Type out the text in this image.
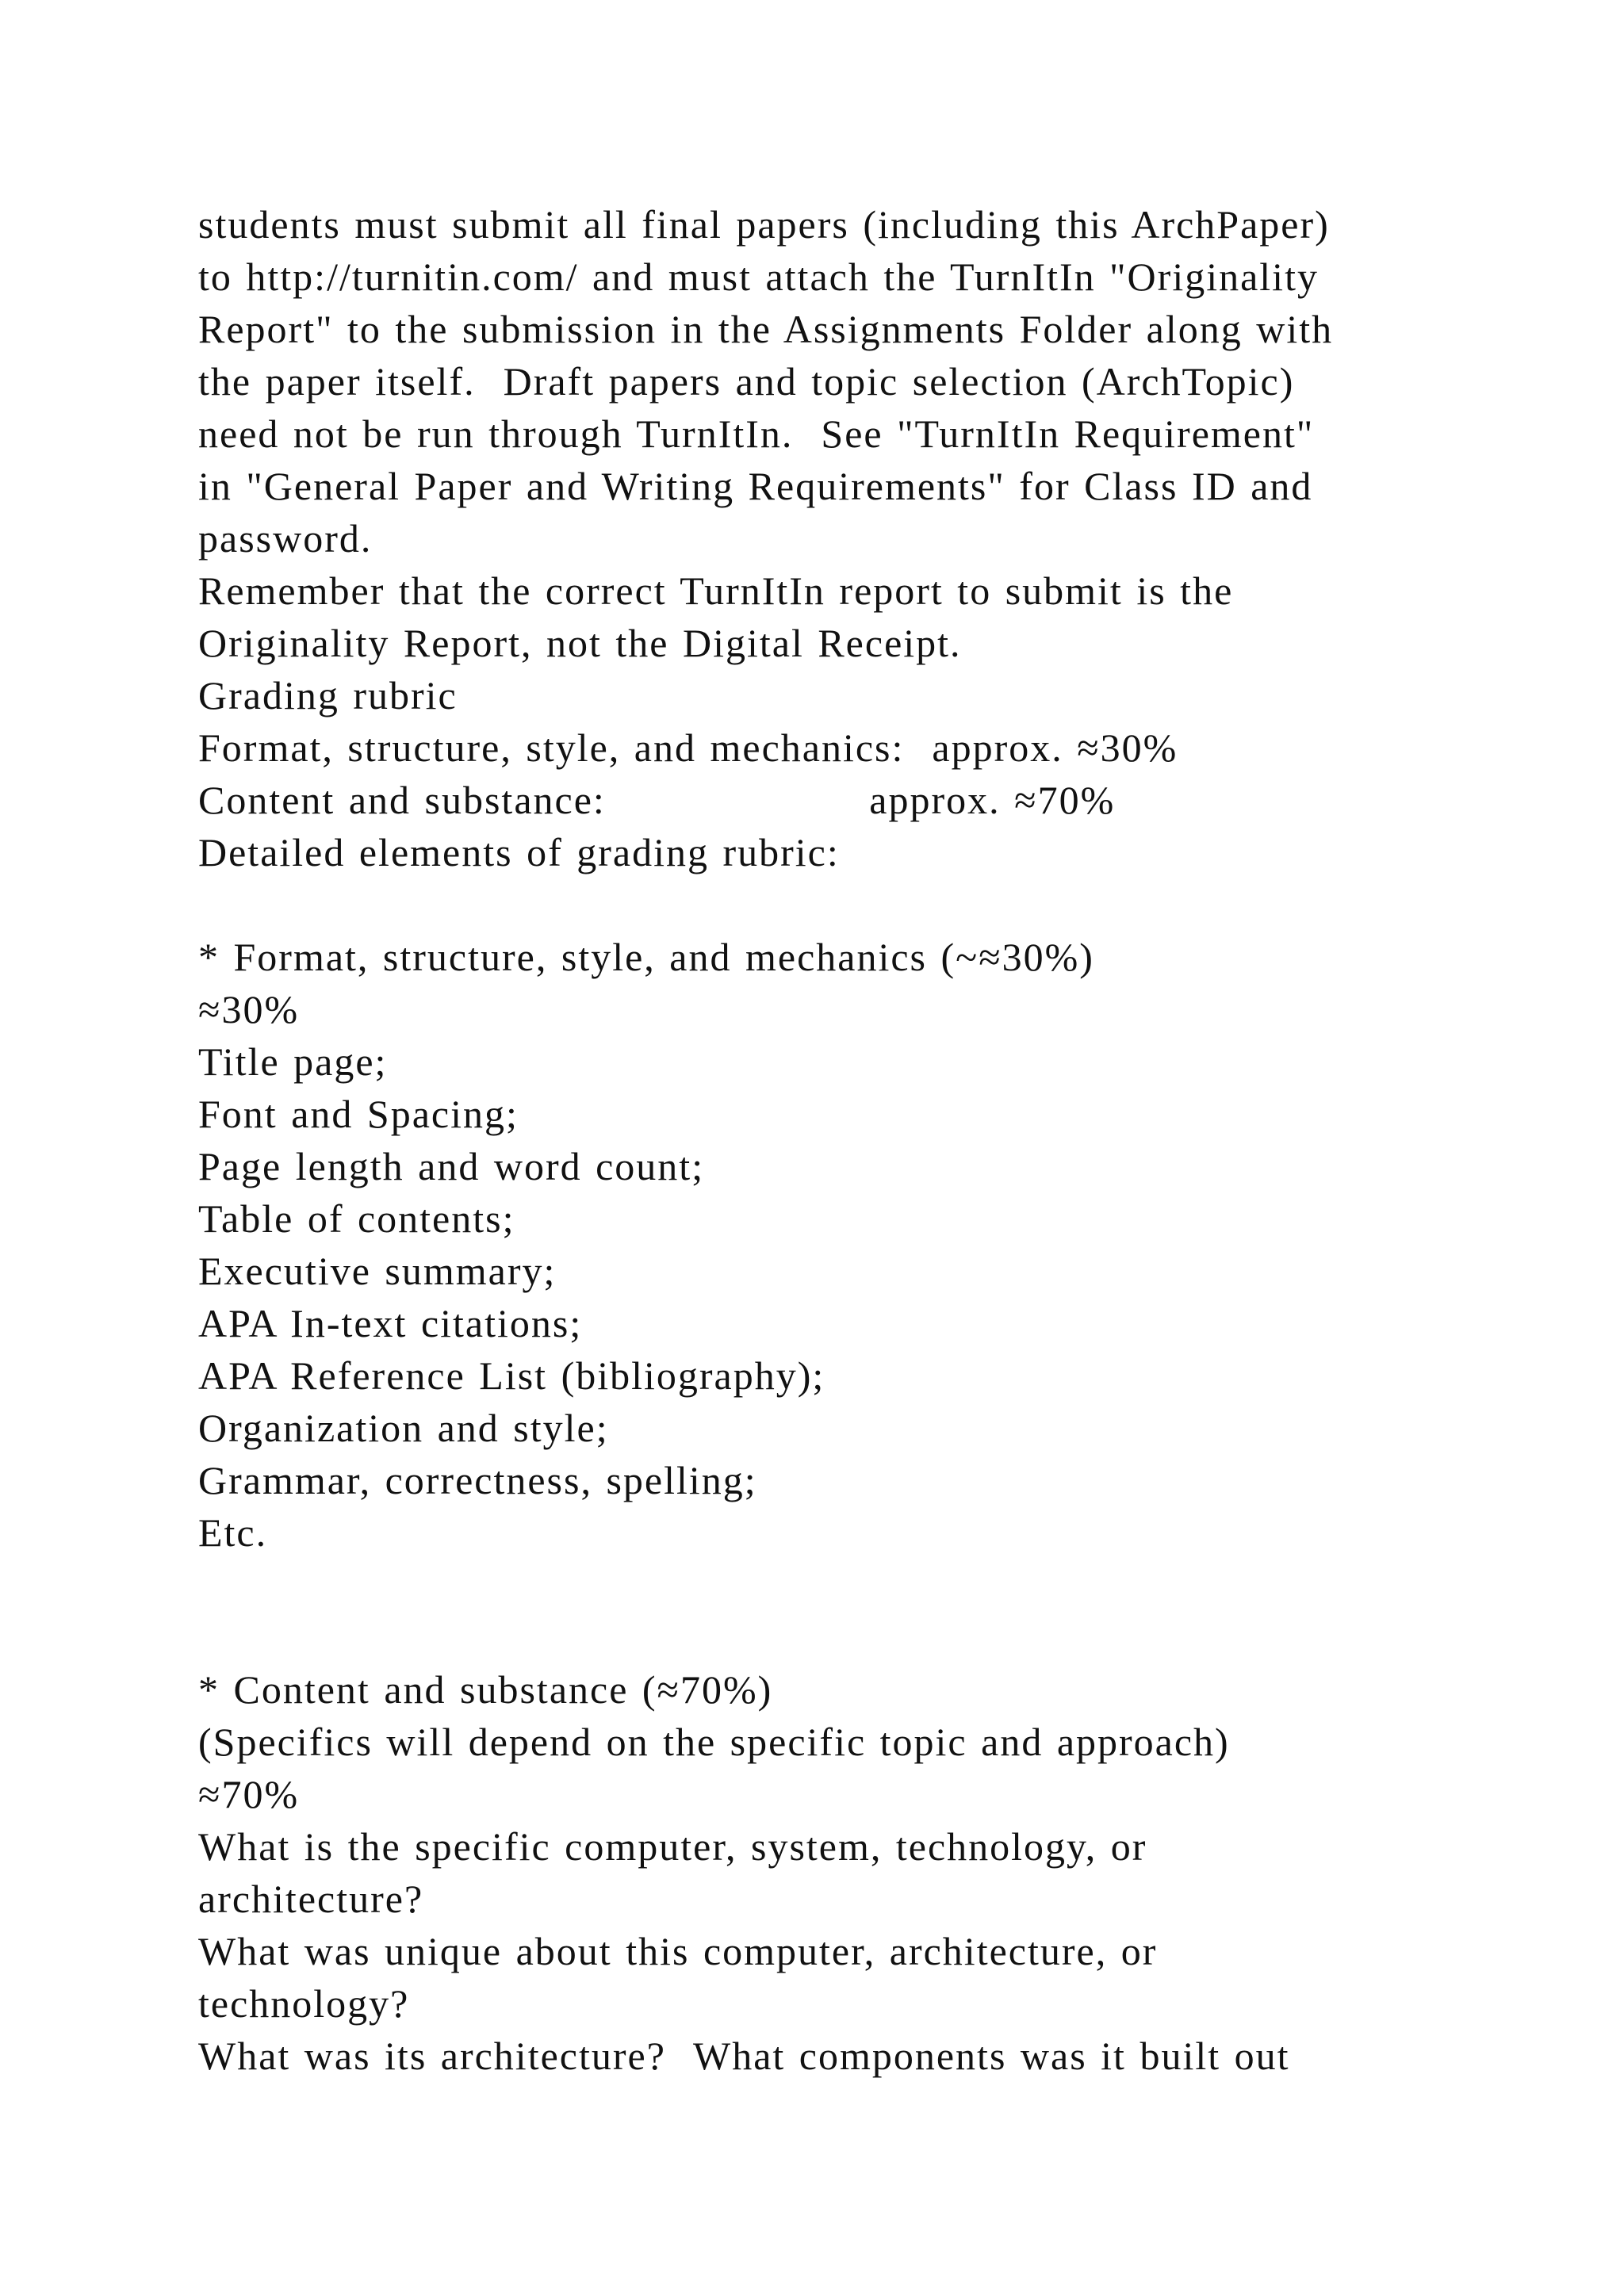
students must submit all final papers (including this ArchPaper)
to http://turnitin.com/ and must attach the TurnItIn "Originality
Report" to the submission in the Assignments Folder along with
the paper itself.  Draft papers and topic selection (ArchTopic)
need not be run through TurnItIn.  See "TurnItIn Requirement"
in "General Paper and Writing Requirements" for Class ID and
password.
Remember that the correct TurnItIn report to submit is the
Originality Report, not the Digital Receipt.
Grading rubric
Format, structure, style, and mechanics:  approx. ≈30%
Content and substance:                   approx. ≈70%
Detailed elements of grading rubric:
* Format, structure, style, and mechanics (~≈30%)
≈30%
Title page;
Font and Spacing;
Page length and word count;
Table of contents;
Executive summary;
APA In-text citations;
APA Reference List (bibliography);
Organization and style;
Grammar, correctness, spelling;
Etc.
* Content and substance (≈70%)
(Specifics will depend on the specific topic and approach)
≈70%
What is the specific computer, system, technology, or
architecture?
What was unique about this computer, architecture, or
technology?
What was its architecture?  What components was it built out
